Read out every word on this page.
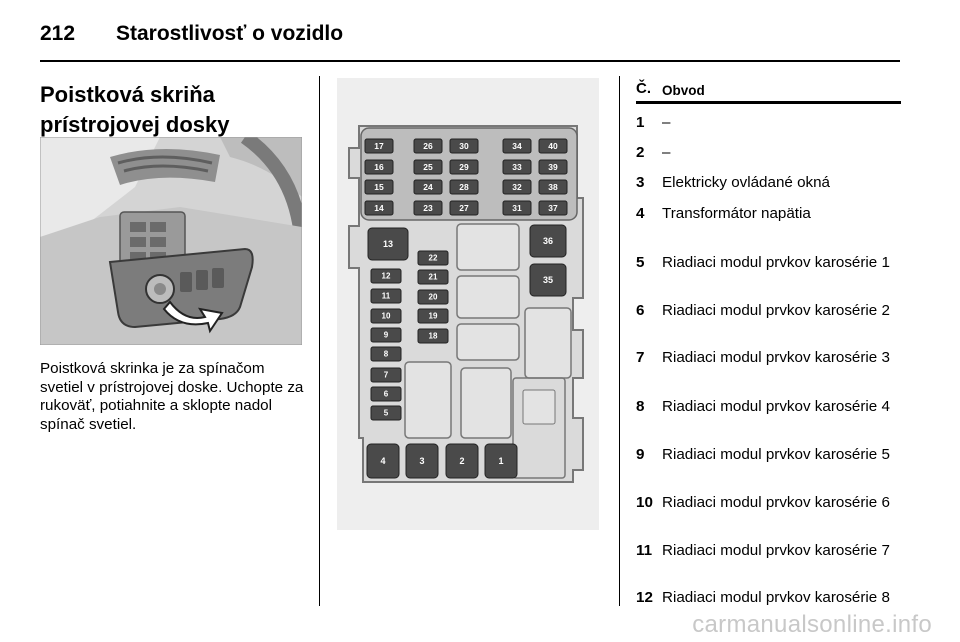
212 Starostlivosť o vozidlo
Poistková skriňa
prístrojovej dosky

Poistková skrinka je za spínačom svetiel v prístrojovej doske. Uchopte za rukoväť, potiahnite a sklopte nadol spínač svetiel.

17	26	30	34	40
16	25	29	33	39
15	24	28	32	38
14	23	27	31	37
13	36
35
12
11
10
9
8
7
6
5
22
21
20
19
18
4	3	2	1
Č. Obvod
1 –
2 –
3 Elektricky ovládané okná
4 Transformátor napätia
5 Riadiaci modul prvkov karosérie 1
6 Riadiaci modul prvkov karosérie 2
7 Riadiaci modul prvkov karosérie 3
8 Riadiaci modul prvkov karosérie 4
9 Riadiaci modul prvkov karosérie 5
10 Riadiaci modul prvkov karosérie 6
11 Riadiaci modul prvkov karosérie 7
12 Riadiaci modul prvkov karosérie 8
carmanualsonline.info
